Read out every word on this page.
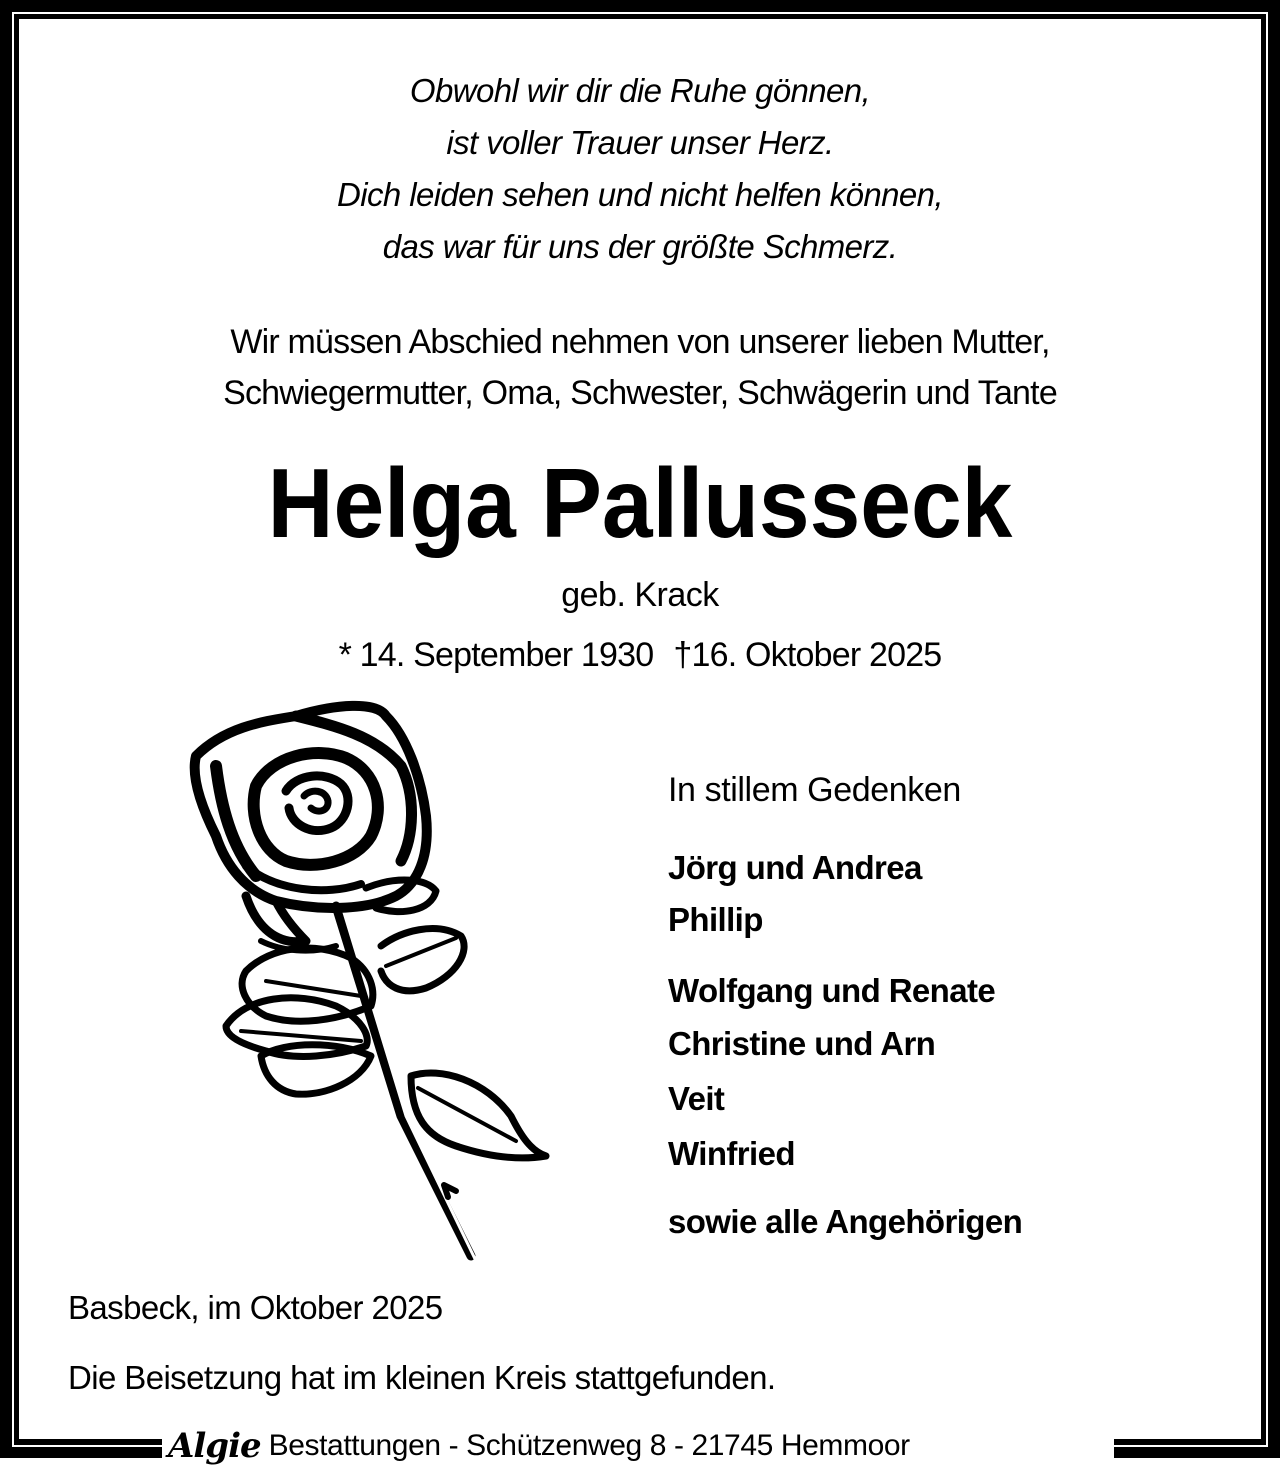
Obwohl wir dir die Ruhe gönnen,
ist voller Trauer unser Herz.
Dich leiden sehen und nicht helfen können,
das war für uns der größte Schmerz.
Wir müssen Abschied nehmen von unserer lieben Mutter,
Schwiegermutter, Oma, Schwester, Schwägerin und Tante
Helga Pallusseck
geb. Krack
* 14. September 1930 †16. Oktober 2025
In stillem Gedenken
Jörg und Andrea
Phillip
Wolfgang und Renate
Christine und Arn
Veit
Winfried
sowie alle Angehörigen
Basbeck, im Oktober 2025
Die Beisetzung hat im kleinen Kreis stattgefunden.
Algie Bestattungen - Schützenweg 8 - 21745 Hemmoor
